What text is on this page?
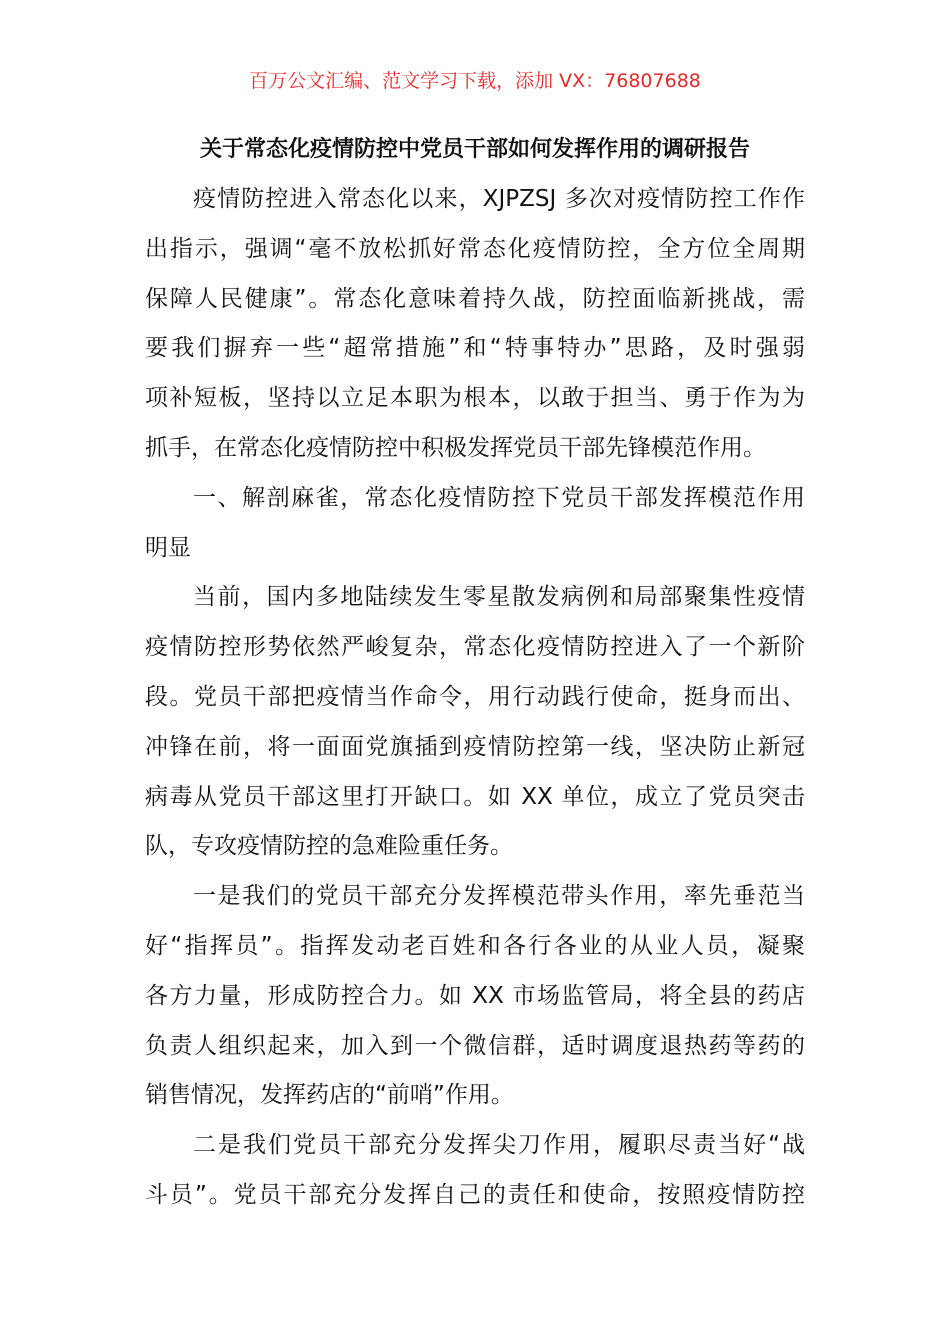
百万公文汇编、范文学习下载，添加 VX：76807688
关于常态化疫情防控中党员干部如何发挥作用的调研报告
疫情防控进入常态化以来，XJPZSJ 多次对疫情防控工作作
出指示，强调“毫不放松抓好常态化疫情防控，全方位全周期
保障人民健康”。常态化意味着持久战，防控面临新挑战，需
要我们摒弃一些“超常措施”和“特事特办”思路，及时强弱
项补短板，坚持以立足本职为根本，以敢于担当、勇于作为为
抓手，在常态化疫情防控中积极发挥党员干部先锋模范作用。
一、解剖麻雀，常态化疫情防控下党员干部发挥模范作用
明显
当前，国内多地陆续发生零星散发病例和局部聚集性疫情
疫情防控形势依然严峻复杂，常态化疫情防控进入了一个新阶
段。党员干部把疫情当作命令，用行动践行使命，挺身而出、
冲锋在前，将一面面党旗插到疫情防控第一线，坚决防止新冠
病毒从党员干部这里打开缺口。如 XX 单位，成立了党员突击
队，专攻疫情防控的急难险重任务。
一是我们的党员干部充分发挥模范带头作用，率先垂范当
好“指挥员”。指挥发动老百姓和各行各业的从业人员，凝聚
各方力量，形成防控合力。如 XX 市场监管局，将全县的药店
负责人组织起来，加入到一个微信群，适时调度退热药等药的
销售情况，发挥药店的“前哨”作用。
二是我们党员干部充分发挥尖刀作用，履职尽责当好“战
斗员”。党员干部充分发挥自己的责任和使命，按照疫情防控
